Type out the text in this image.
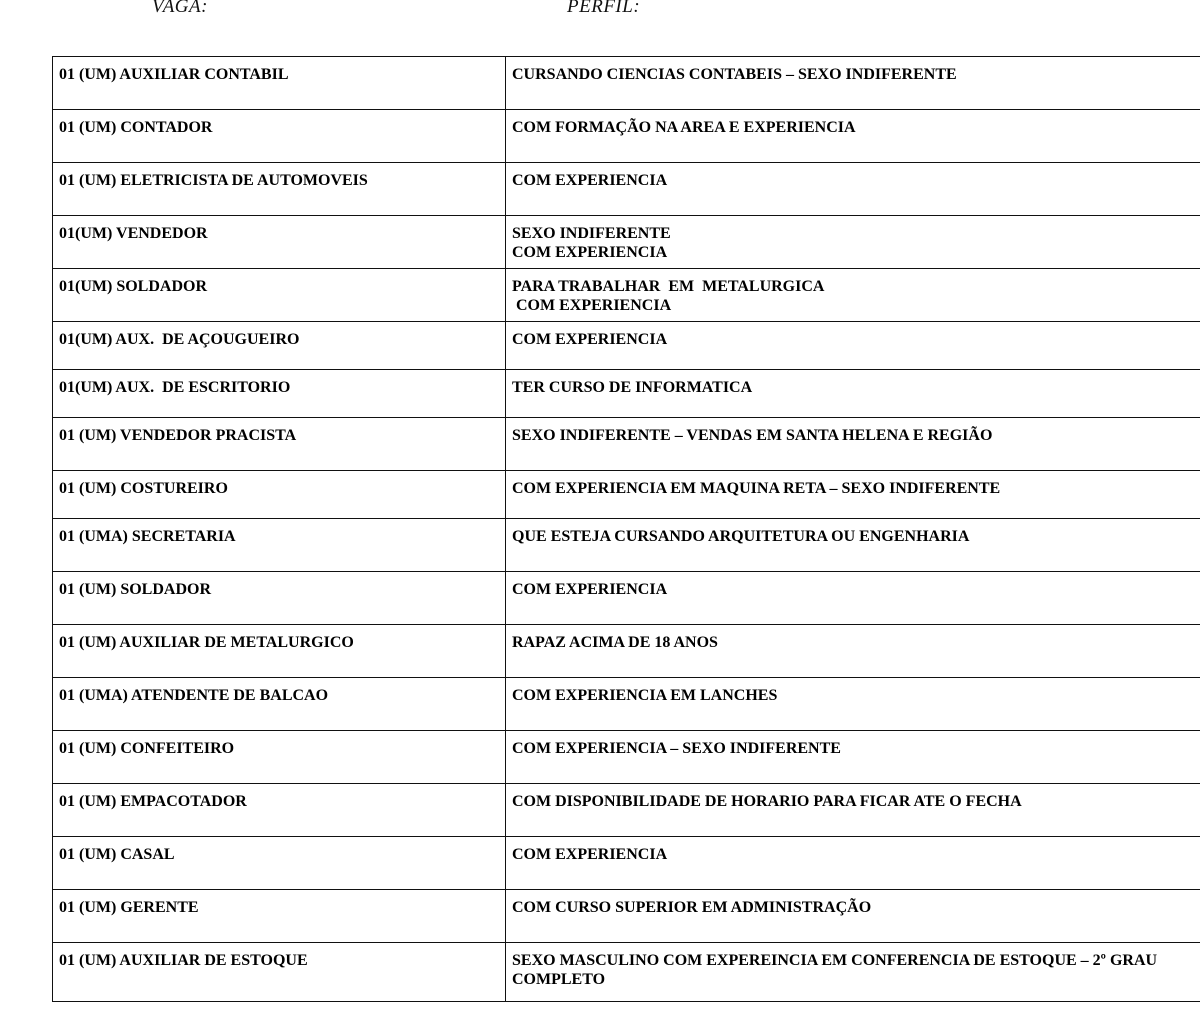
VAGA:	PERFIL:
01 (UM) AUXILIAR CONTABIL	CURSANDO CIENCIAS CONTABEIS – SEXO INDIFERENTE

01 (UM) CONTADOR	COM FORMAÇÃO NA AREA E EXPERIENCIA

01 (UM) ELETRICISTA DE AUTOMOVEIS	COM EXPERIENCIA

01(UM) VENDEDOR	SEXO INDIFERENTE
COM EXPERIENCIA

01(UM) SOLDADOR	PARA TRABALHAR  EM  METALURGICA
COM EXPERIENCIA

01(UM) AUX.  DE AÇOUGUEIRO	COM EXPERIENCIA

01(UM) AUX.  DE ESCRITORIO	TER CURSO DE INFORMATICA

01 (UM) VENDEDOR PRACISTA	SEXO INDIFERENTE – VENDAS EM SANTA HELENA E REGIÃO

01 (UM) COSTUREIRO	COM EXPERIENCIA EM MAQUINA RETA – SEXO INDIFERENTE

01 (UMA) SECRETARIA	QUE ESTEJA CURSANDO ARQUITETURA OU ENGENHARIA

01 (UM) SOLDADOR	COM EXPERIENCIA

01 (UM) AUXILIAR DE METALURGICO	RAPAZ ACIMA DE 18 ANOS

01 (UMA) ATENDENTE DE BALCAO	COM EXPERIENCIA EM LANCHES

01 (UM) CONFEITEIRO	COM EXPERIENCIA – SEXO INDIFERENTE

01 (UM) EMPACOTADOR	COM DISPONIBILIDADE DE HORARIO PARA FICAR ATE O FECHA

01 (UM) CASAL	COM EXPERIENCIA

01 (UM) GERENTE	COM CURSO SUPERIOR EM ADMINISTRAÇÃO

01 (UM) AUXILIAR DE ESTOQUE	SEXO MASCULINO COM EXPEREINCIA EM CONFERENCIA DE ESTOQUE – 2º GRAU COMPLETO
